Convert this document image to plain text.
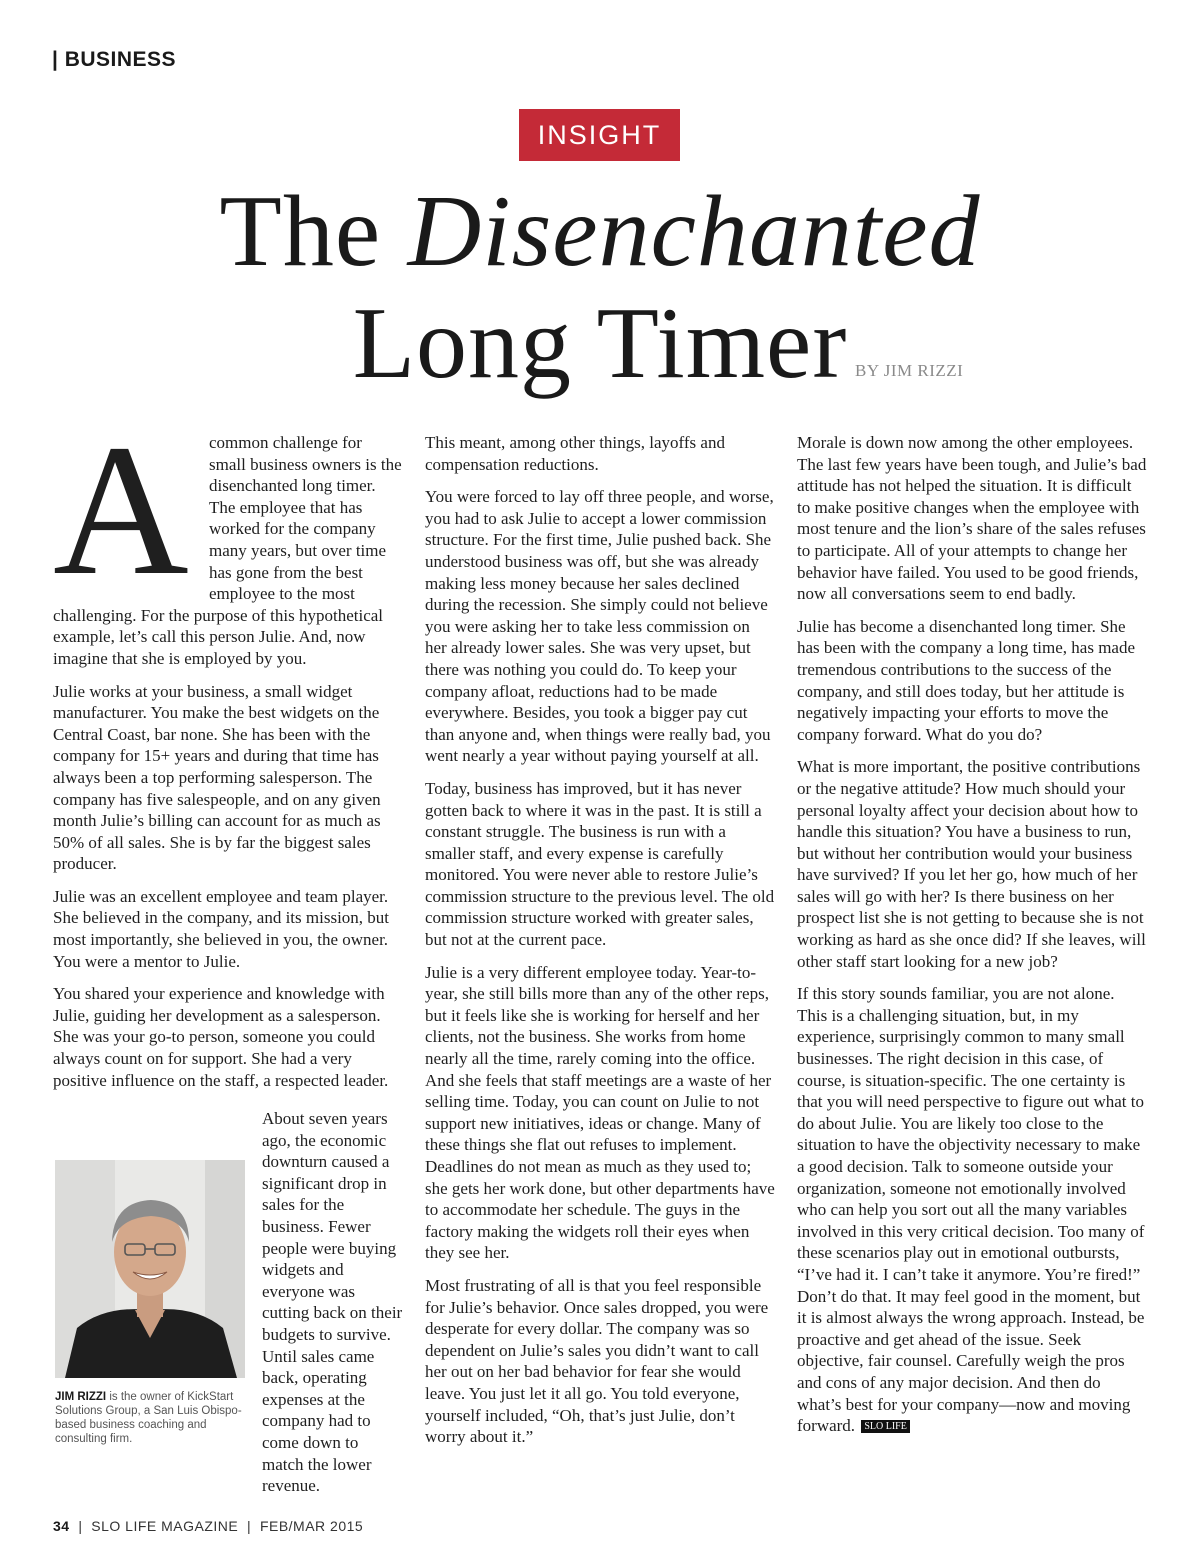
| BUSINESS
INSIGHT
The Disenchanted
Long Timer BY JIM RIZZI
A	common challenge for small business owners is the disenchanted long timer. The employee that has worked for the company many years, but over time has gone from the best employee to the most challenging. For the purpose of this hypothetical example, let’s call this person Julie. And, now imagine that she is employed by you.

Julie works at your business, a small widget manufacturer. You make the best widgets on the Central Coast, bar none. She has been with the company for 15+ years and during that time has always been a top performing salesperson. The company has five salespeople, and on any given month Julie’s billing can account for as much as 50% of all sales. She is by far the biggest sales producer.

Julie was an excellent employee and team player. She believed in the company, and its mission, but most importantly, she believed in you, the owner. You were a mentor to Julie.

You shared your experience and knowledge with Julie, guiding her development as a salesperson. She was your go-to person, someone you could always count on for support. She had a very positive influence on the staff, a respected leader.

About seven years ago, the economic downturn caused a significant drop in sales for the business. Fewer people were buying widgets and everyone was cutting back on their budgets to survive. Until sales came back, operating expenses at the company had to come down to match the lower revenue.

JIM RIZZI is the owner of KickStart Solutions Group, a San Luis Obispo-based business coaching and consulting firm.

This meant, among other things, layoffs and compensation reductions.

You were forced to lay off three people, and worse, you had to ask Julie to accept a lower commission structure. For the first time, Julie pushed back. She understood business was off, but she was already making less money because her sales declined during the recession. She simply could not believe you were asking her to take less commission on her already lower sales. She was very upset, but there was nothing you could do. To keep your company afloat, reductions had to be made everywhere. Besides, you took a bigger pay cut than anyone and, when things were really bad, you went nearly a year without paying yourself at all.

Today, business has improved, but it has never gotten back to where it was in the past. It is still a constant struggle. The business is run with a smaller staff, and every expense is carefully monitored. You were never able to restore Julie’s commission structure to the previous level. The old commission structure worked with greater sales, but not at the current pace.

Julie is a very different employee today. Year-to-year, she still bills more than any of the other reps, but it feels like she is working for herself and her clients, not the business. She works from home nearly all the time, rarely coming into the office. And she feels that staff meetings are a waste of her selling time. Today, you can count on Julie to not support new initiatives, ideas or change. Many of these things she flat out refuses to implement. Deadlines do not mean as much as they used to; she gets her work done, but other departments have to accommodate her schedule. The guys in the factory making the widgets roll their eyes when they see her.

Most frustrating of all is that you feel responsible for Julie’s behavior. Once sales dropped, you were desperate for every dollar. The company was so dependent on Julie’s sales you didn’t want to call her out on her bad behavior for fear she would leave. You just let it all go. You told everyone, yourself included, “Oh, that’s just Julie, don’t worry about it.”

Morale is down now among the other employees. The last few years have been tough, and Julie’s bad attitude has not helped the situation. It is difficult to make positive changes when the employee with most tenure and the lion’s share of the sales refuses to participate. All of your attempts to change her behavior have failed. You used to be good friends, now all conversations seem to end badly.

Julie has become a disenchanted long timer. She has been with the company a long time, has made tremendous contributions to the success of the company, and still does today, but her attitude is negatively impacting your efforts to move the company forward. What do you do?

What is more important, the positive contributions or the negative attitude? How much should your personal loyalty affect your decision about how to handle this situation? You have a business to run, but without her contribution would your business have survived? If you let her go, how much of her sales will go with her? Is there business on her prospect list she is not getting to because she is not working as hard as she once did? If she leaves, will other staff start looking for a new job?

If this story sounds familiar, you are not alone. This is a challenging situation, but, in my experience, surprisingly common to many small businesses. The right decision in this case, of course, is situation-specific. The one certainty is that you will need perspective to figure out what to do about Julie. You are likely too close to the situation to have the objectivity necessary to make a good decision. Talk to someone outside your organization, someone not emotionally involved who can help you sort out all the many variables involved in this very critical decision. Too many of these scenarios play out in emotional outbursts, “I’ve had it. I can’t take it anymore. You’re fired!” Don’t do that. It may feel good in the moment, but it is almost always the wrong approach. Instead, be proactive and get ahead of the issue. Seek objective, fair counsel. Carefully weigh the pros and cons of any major decision. And then do what’s best for your company—now and moving forward. SLO LIFE

34  |  SLO LIFE MAGAZINE  |  FEB/MAR 2015
